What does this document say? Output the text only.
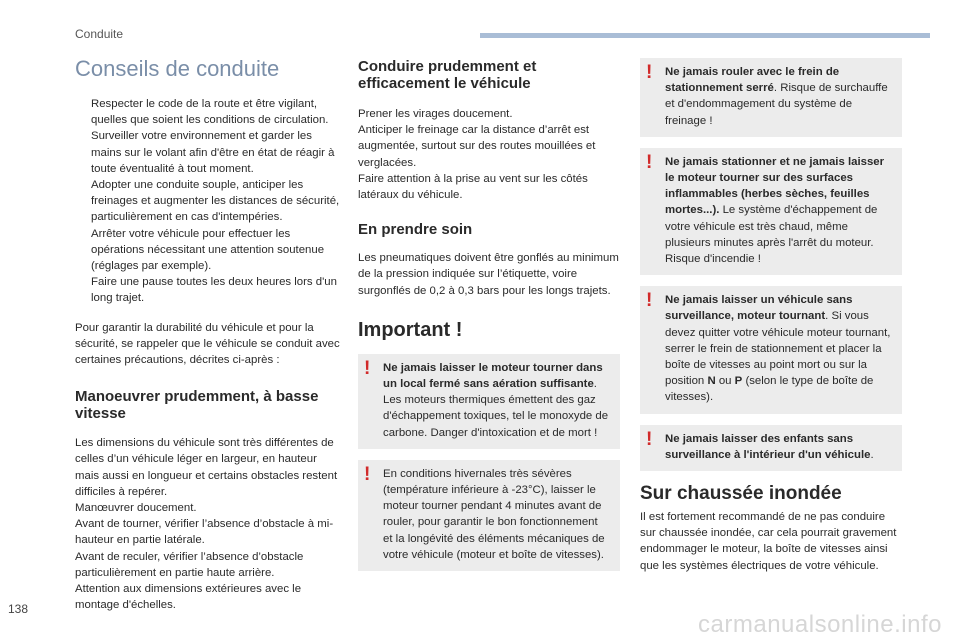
Conduite
Conseils de conduite
Respecter le code de la route et être vigilant, quelles que soient les conditions de circulation.
Surveiller votre environnement et garder les mains sur le volant afin d'être en état de réagir à toute éventualité à tout moment.
Adopter une conduite souple, anticiper les freinages et augmenter les distances de sécurité, particulièrement en cas d'intempéries.
Arrêter votre véhicule pour effectuer les opérations nécessitant une attention soutenue (réglages par exemple).
Faire une pause toutes les deux heures lors d'un long trajet.

Pour garantir la durabilité du véhicule et pour la sécurité, se rappeler que le véhicule se conduit avec certaines précautions, décrites ci-après :

Manoeuvrer prudemment, à basse vitesse

Les dimensions du véhicule sont très différentes de celles d’un véhicule léger en largeur, en hauteur mais aussi en longueur et certains obstacles restent difficiles à repérer.

Manœuvrer doucement.

Avant de tourner, vérifier l’absence d’obstacle à mi-hauteur en partie latérale.

Avant de reculer, vérifier l’absence d’obstacle particulièrement en partie haute arrière.

Attention aux dimensions extérieures avec le montage d'échelles.

Conduire prudemment et efficacement le véhicule

Prener les virages doucement.

Anticiper le freinage car la distance d’arrêt est augmentée, surtout sur des routes mouillées et verglacées.

Faire attention à la prise au vent sur les côtés latéraux du véhicule.

En prendre soin

Les pneumatiques doivent être gonflés au minimum de la pression indiquée sur l’étiquette, voire surgonflés de 0,2 à 0,3 bars pour les longs trajets.

Important !
! Ne jamais laisser le moteur tourner dans un local fermé sans aération suffisante. Les moteurs thermiques émettent des gaz d'échappement toxiques, tel le monoxyde de carbone. Danger d'intoxication et de mort !
! En conditions hivernales très sévères (température inférieure à -23°C), laisser le moteur tourner pendant 4 minutes avant de rouler, pour garantir le bon fonctionnement et la longévité des éléments mécaniques de votre véhicule (moteur et boîte de vitesses).
! Ne jamais rouler avec le frein de stationnement serré. Risque de surchauffe et d'endommagement du système de freinage !
! Ne jamais stationner et ne jamais laisser le moteur tourner sur des surfaces inflammables (herbes sèches, feuilles mortes...). Le système d'échappement de votre véhicule est très chaud, même plusieurs minutes après l'arrêt du moteur. Risque d'incendie !
! Ne jamais laisser un véhicule sans surveillance, moteur tournant. Si vous devez quitter votre véhicule moteur tournant, serrer le frein de stationnement et placer la boîte de vitesses au point mort ou sur la position N ou P (selon le type de boîte de vitesses).
! Ne jamais laisser des enfants sans surveillance à l'intérieur d'un véhicule.
Sur chaussée inondée

Il est fortement recommandé de ne pas conduire sur chaussée inondée, car cela pourrait gravement endommager le moteur, la boîte de vitesses ainsi que les systèmes électriques de votre véhicule.

138
carmanualsonline.info
